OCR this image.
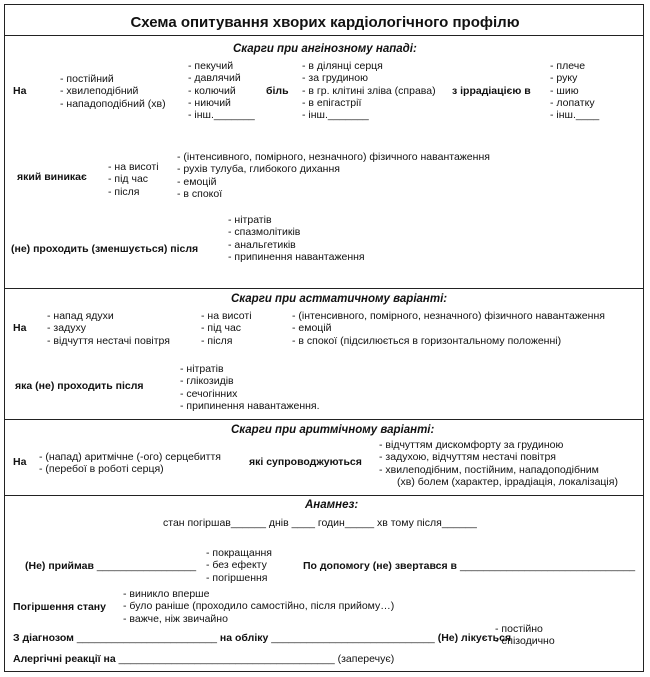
Схема опитування хворих кардіологічного профілю
Скарги при ангінозному нападі:
На
- постійний
- хвилеподібний
- нападоподібний (хв)
- пекучий
- давлячий
- колючий
- ниючий
- інш._______
біль
- в ділянці серця
- за грудиною
- в гр. клітині зліва (справа)
- в епігастрії
- інш._______
з іррадіацією в
- плече
- руку
- шию
- лопатку
- інш.____
який виникає
- на висоті
- під час
- після
- (інтенсивного, помірного, незначного) фізичного навантаження
- рухів тулуба, глибокого дихання
- емоцій
- в спокої
(не) проходить (зменшується) після
- нітратів
- спазмолітиків
- анальгетиків
- припинення навантаження
Скарги при астматичному варіанті:
На
- напад ядухи
- задуху
- відчуття нестачі повітря
- на висоті
- під час
- після
- (інтенсивного, помірного, незначного) фізичного навантаження
- емоцій
- в спокої (підсилюється в горизонтальному положенні)
яка (не) проходить після
- нітратів
- глікозидів
- сечогінних
- припинення навантаження.
Скарги при аритмічному варіанті:
На - (напад) аритмічне (-ого) серцебиття
- (перебої в роботі серця)
які супроводжуються
- відчуттям дискомфорту за грудиною
- задухою, відчуттям нестачі повітря
- хвилеподібним, постійним, нападоподібним
(хв) болем (характер, іррадіація, локалізація)
Анамнез:
стан погіршав______ днів ____ годин_____ хв тому після______
(Не) приймав _________________
- покращання
- без ефекту
- погіршення
По допомогу (не) звертався в ______________________________
Погіршення стану
- виникло вперше
- було раніше (проходило самостійно, після прийому…)
- важче, ніж звичайно
З діагнозом ________________________ на обліку ____________________________ (Не) лікується
- постійно
- епізодично
Алергічні реакції на _____________________________________ (заперечує)
